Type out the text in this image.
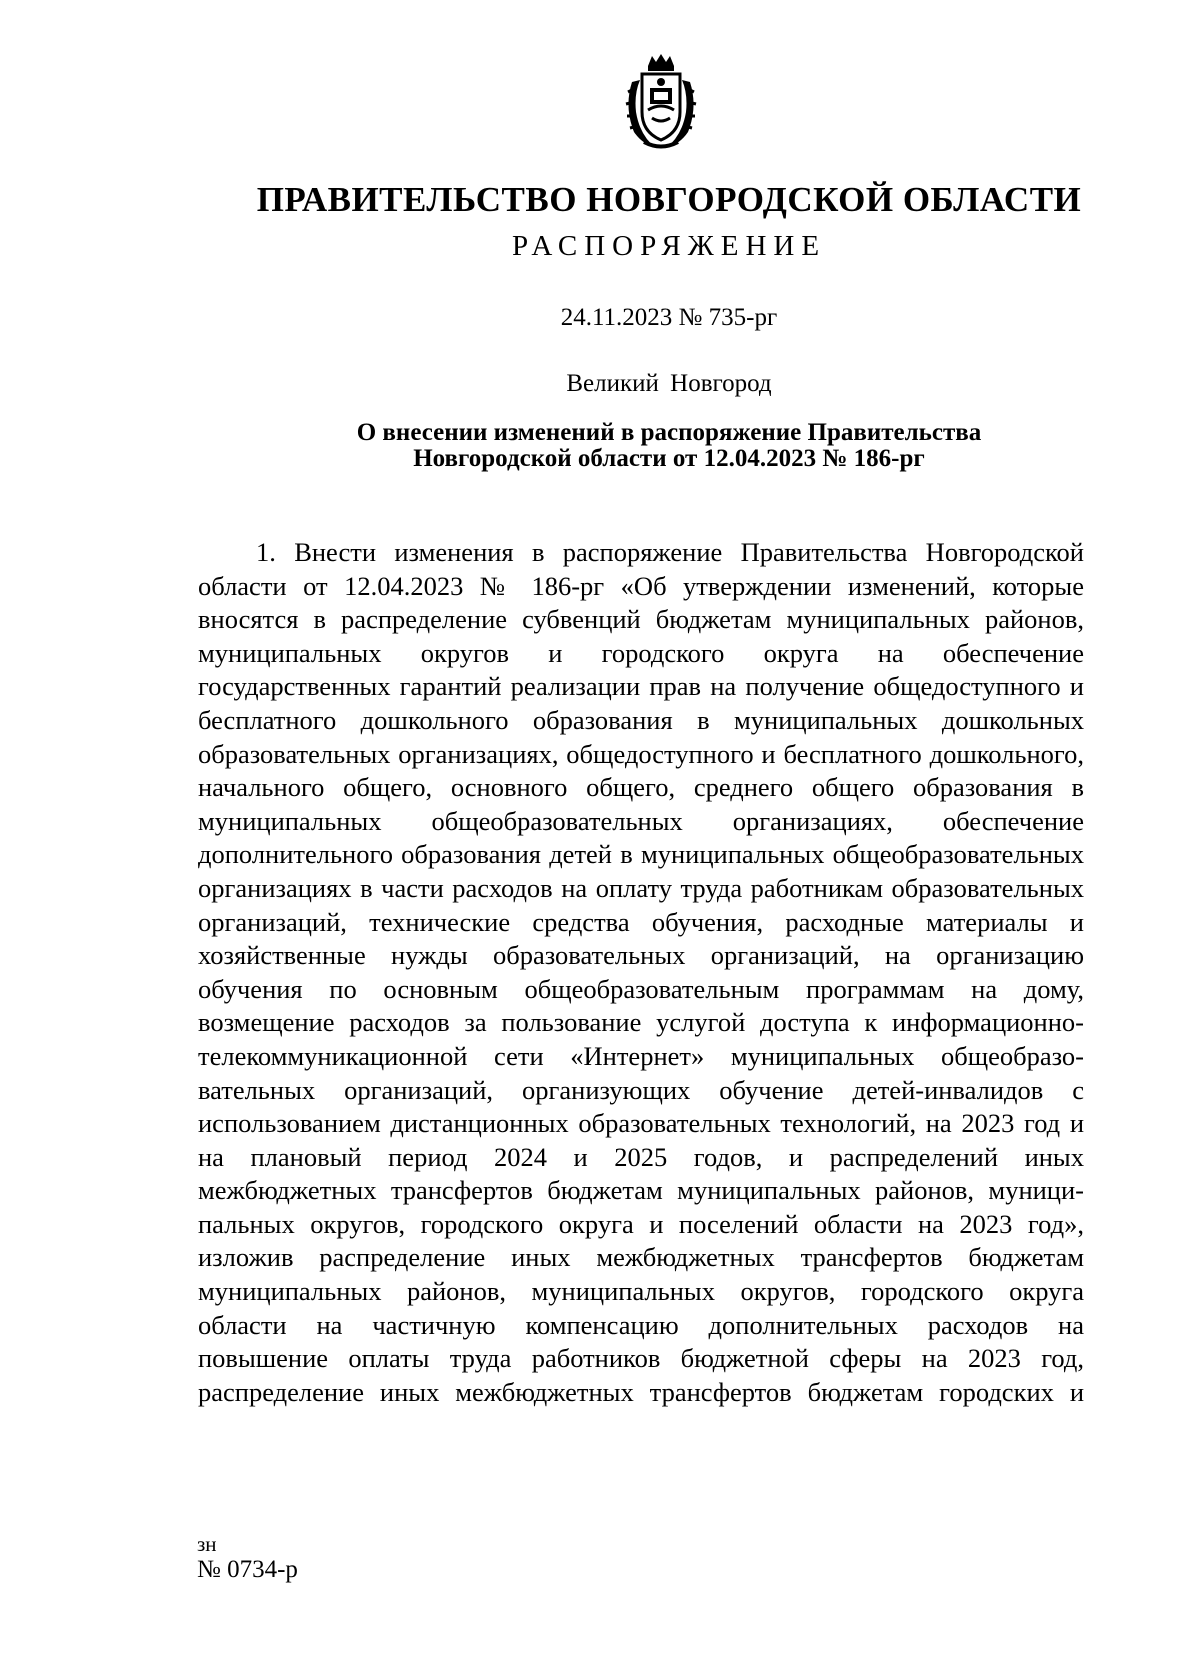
ПРАВИТЕЛЬСТВО НОВГОРОДСКОЙ ОБЛАСТИ
РАСПОРЯЖЕНИЕ
24.11.2023 № 735-рг
Великий Новгород
О внесении изменений в распоряжение Правительства
Новгородской области от 12.04.2023 № 186-рг
1. Внести изменения в распоряжение Правительства Новгородской
области от 12.04.2023 № 186-рг «Об утверждении изменений, которые
вносятся в распределение субвенций бюджетам муниципальных районов,
муниципальных округов и городского округа на обеспечение
государственных гарантий реализации прав на получение общедоступного и
бесплатного дошкольного образования в муниципальных дошкольных
образовательных организациях, общедоступного и бесплатного дошкольного,
начального общего, основного общего, среднего общего образования в
муниципальных общеобразовательных организациях, обеспечение
дополнительного образования детей в муниципальных общеобразовательных
организациях в части расходов на оплату труда работникам образовательных
организаций, технические средства обучения, расходные материалы и
хозяйственные нужды образовательных организаций, на организацию
обучения по основным общеобразовательным программам на дому,
возмещение расходов за пользование услугой доступа к информационно-
телекоммуникационной сети «Интернет» муниципальных общеобразо-
вательных организаций, организующих обучение детей-инвалидов с
использованием дистанционных образовательных технологий, на 2023 год и
на плановый период 2024 и 2025 годов, и распределений иных
межбюджетных трансфертов бюджетам муниципальных районов, муници-
пальных округов, городского округа и поселений области на 2023 год»,
изложив распределение иных межбюджетных трансфертов бюджетам
муниципальных районов, муниципальных округов, городского округа
области на частичную компенсацию дополнительных расходов на
повышение оплаты труда работников бюджетной сферы на 2023 год,
распределение иных межбюджетных трансфертов бюджетам городских и
зн
№ 0734-р
